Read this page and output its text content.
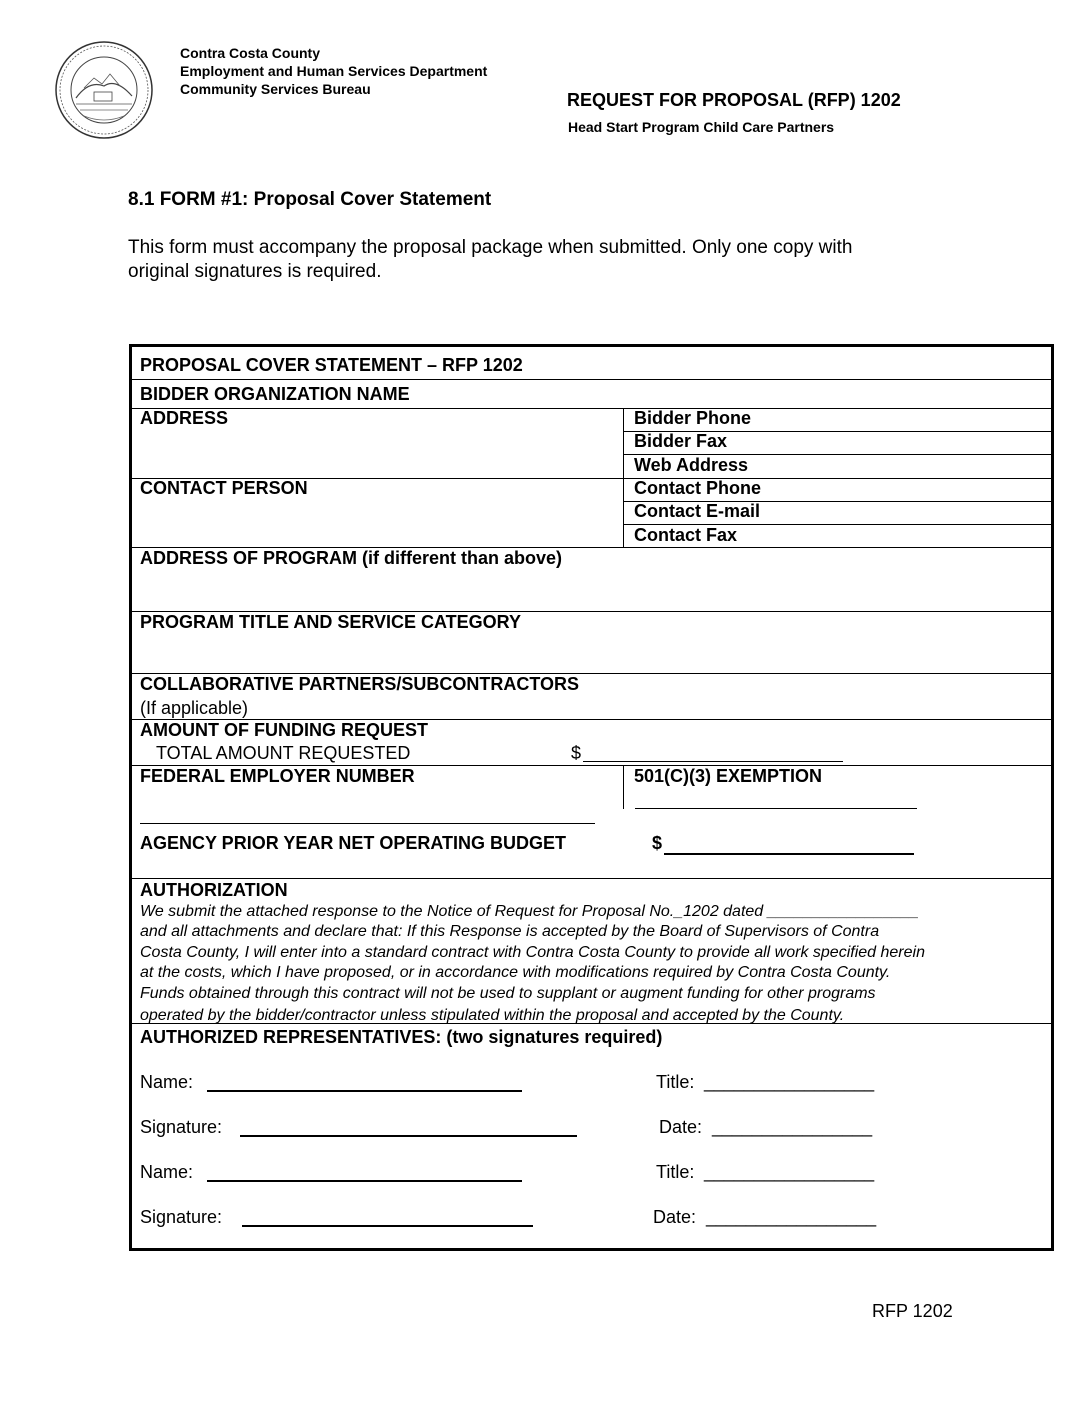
Contra Costa County
Employment and Human Services Department
Community Services Bureau
REQUEST FOR PROPOSAL (RFP) 1202
Head Start Program Child Care Partners
8.1 FORM #1: Proposal Cover Statement
This form must accompany the proposal package when submitted. Only one copy with
original signatures is required.
PROPOSAL COVER STATEMENT – RFP 1202
BIDDER ORGANIZATION NAME
ADDRESS	Bidder Phone
Bidder Fax
Web Address
CONTACT PERSON	Contact Phone
Contact E-mail
Contact Fax
ADDRESS OF PROGRAM (if different than above)
PROGRAM TITLE AND SERVICE CATEGORY
COLLABORATIVE PARTNERS/SUBCONTRACTORS
(If applicable)
AMOUNT OF FUNDING REQUEST
TOTAL AMOUNT REQUESTED	$
FEDERAL EMPLOYER NUMBER	501(C)(3) EXEMPTION
AGENCY PRIOR YEAR NET OPERATING BUDGET	$
AUTHORIZATION
We submit the attached response to the Notice of Request for Proposal No._1202 dated _________________
and all attachments and declare that: If this Response is accepted by the Board of Supervisors of Contra
Costa County, I will enter into a standard contract with Contra Costa County to provide all work specified herein
at the costs, which I have proposed, or in accordance with modifications required by Contra Costa County.
Funds obtained through this contract will not be used to supplant or augment funding for other programs
operated by the bidder/contractor unless stipulated within the proposal and accepted by the County.
AUTHORIZED REPRESENTATIVES: (two signatures required)
Name:	Title: _________________
Signature:	Date: ________________
Name:	Title: _________________
Signature:	Date: _________________
RFP 1202
